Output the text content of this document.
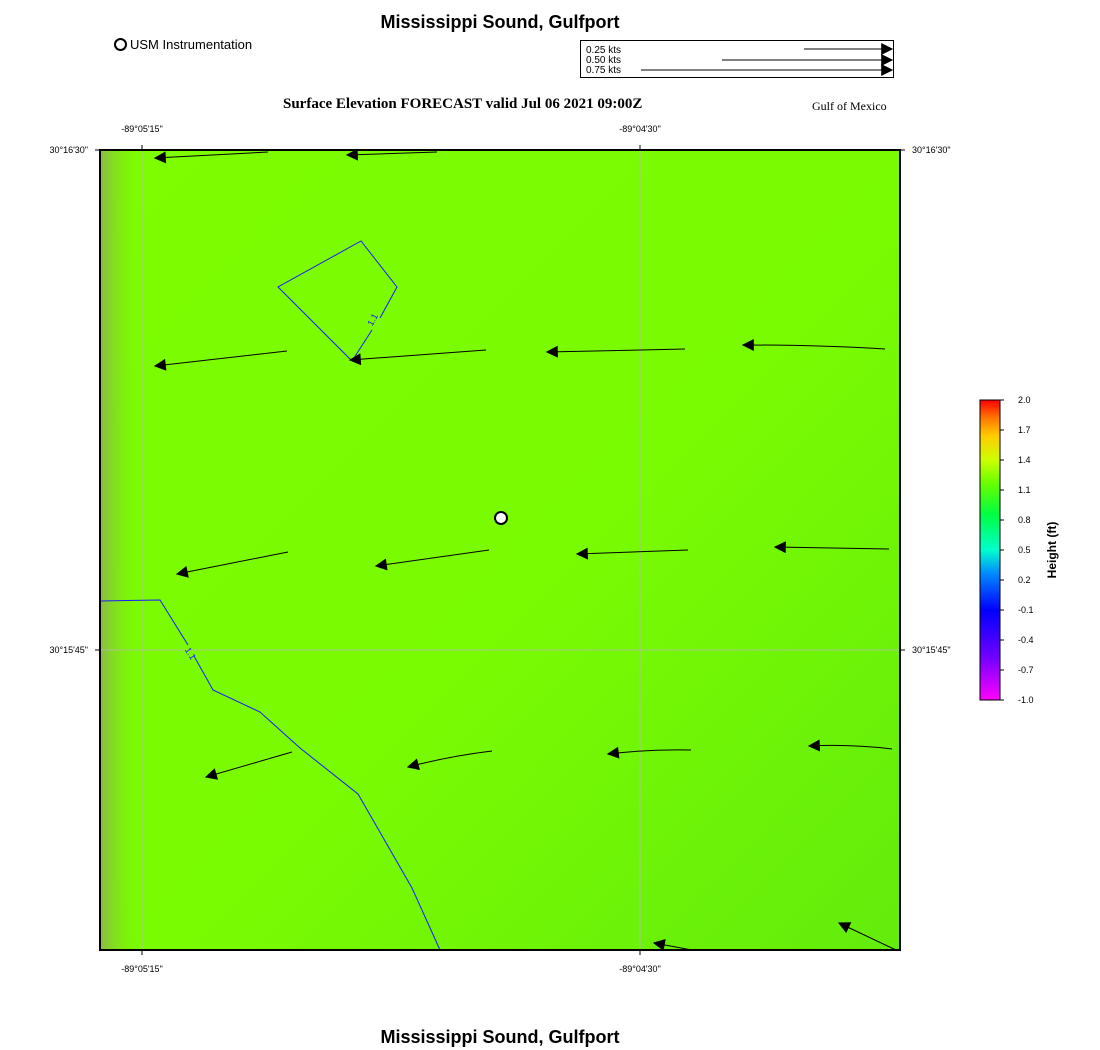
Mississippi Sound, Gulfport
USM Instrumentation	0.25 kts
0.50 kts
0.75 kts
Surface Elevation FORECAST valid Jul 06 2021 09:00Z	Gulf of Mexico
1.1
1.1
-89°05'15"	-89°04'30"
-89°05'15"	-89°04'30"
30°16'30"
30°15'45"
30°16'30"
30°15'45"
2.0
1.7
1.4
1.1
0.8
0.5
0.2
-0.1
-0.4
-0.7
-1.0
Height (ft)
Mississippi Sound, Gulfport
